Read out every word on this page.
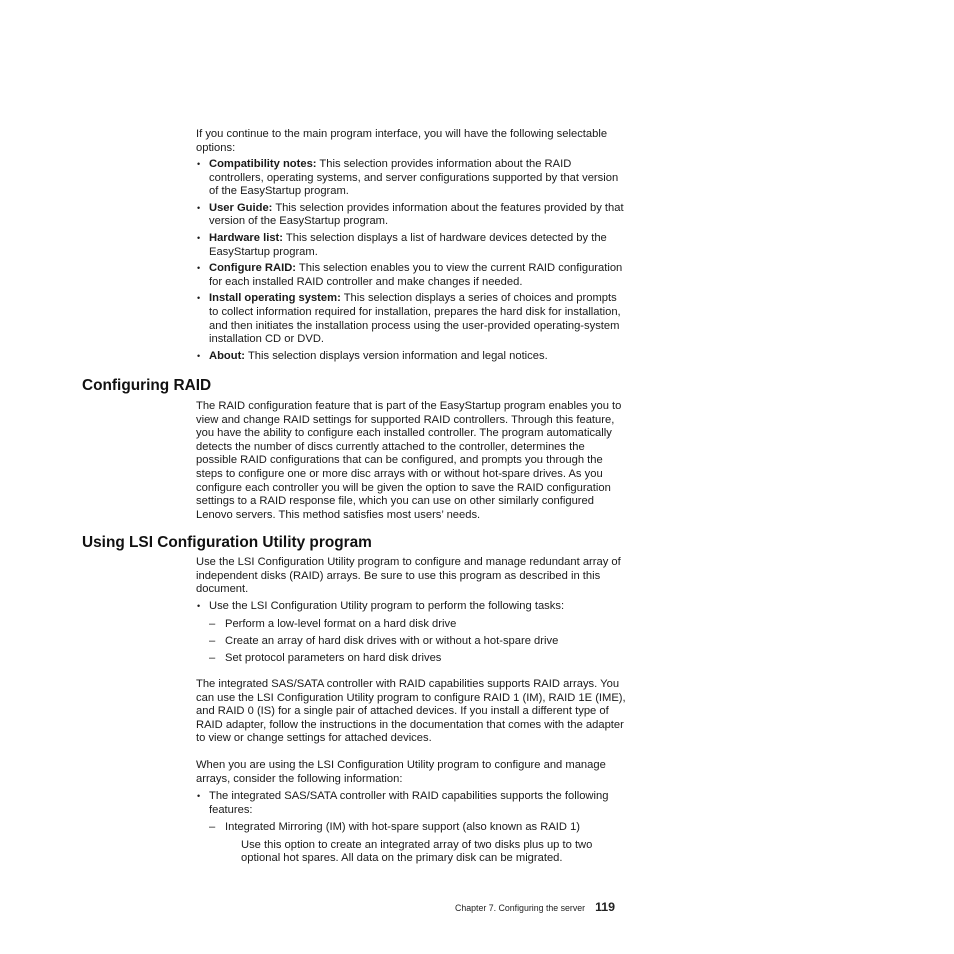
If you continue to the main program interface, you will have the following selectable options:

• Compatibility notes: This selection provides information about the RAID controllers, operating systems, and server configurations supported by that version of the EasyStartup program.
• User Guide: This selection provides information about the features provided by that version of the EasyStartup program.
• Hardware list: This selection displays a list of hardware devices detected by the EasyStartup program.
• Configure RAID: This selection enables you to view the current RAID configuration for each installed RAID controller and make changes if needed.
• Install operating system: This selection displays a series of choices and prompts to collect information required for installation, prepares the hard disk for installation, and then initiates the installation process using the user-provided operating-system installation CD or DVD.
• About: This selection displays version information and legal notices.
Configuring RAID

The RAID configuration feature that is part of the EasyStartup program enables you to view and change RAID settings for supported RAID controllers. Through this feature, you have the ability to configure each installed controller. The program automatically detects the number of discs currently attached to the controller, determines the possible RAID configurations that can be configured, and prompts you through the steps to configure one or more disc arrays with or without hot-spare drives. As you configure each controller you will be given the option to save the RAID configuration settings to a RAID response file, which you can use on other similarly configured Lenovo servers. This method satisfies most users’ needs.

Using LSI Configuration Utility program

Use the LSI Configuration Utility program to configure and manage redundant array of independent disks (RAID) arrays. Be sure to use this program as described in this document.

• Use the LSI Configuration Utility program to perform the following tasks:
– Perform a low-level format on a hard disk drive
– Create an array of hard disk drives with or without a hot-spare drive
– Set protocol parameters on hard disk drives

The integrated SAS/SATA controller with RAID capabilities supports RAID arrays. You can use the LSI Configuration Utility program to configure RAID 1 (IM), RAID 1E (IME), and RAID 0 (IS) for a single pair of attached devices. If you install a different type of RAID adapter, follow the instructions in the documentation that comes with the adapter to view or change settings for attached devices.

When you are using the LSI Configuration Utility program to configure and manage arrays, consider the following information:

• The integrated SAS/SATA controller with RAID capabilities supports the following features:
– Integrated Mirroring (IM) with hot-spare support (also known as RAID 1)
Use this option to create an integrated array of two disks plus up to two optional hot spares. All data on the primary disk can be migrated.
Chapter 7. Configuring the server 119
